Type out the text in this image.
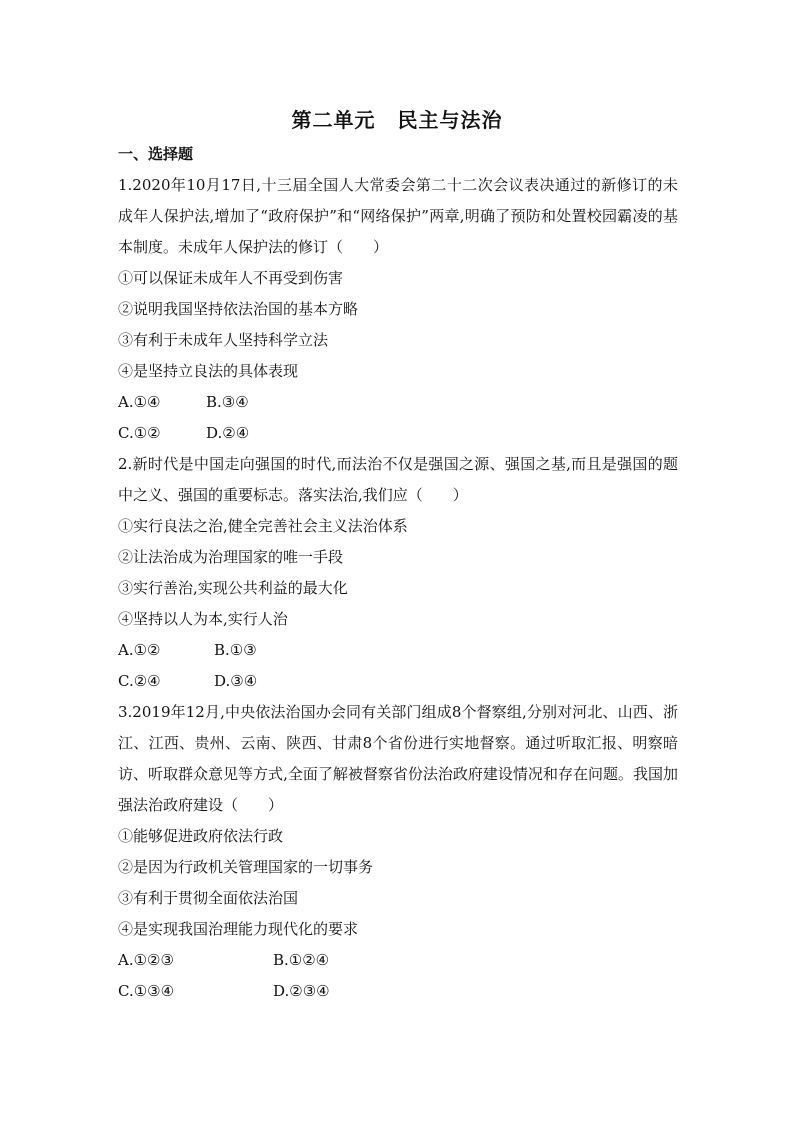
第二单元 民主与法治
一、选择题
1.2020年10月17日,十三届全国人大常委会第二十二次会议表决通过的新修订的未成年人保护法,增加了“政府保护”和“网络保护”两章,明确了预防和处置校园霸凌的基本制度。未成年人保护法的修订（　　）
①可以保证未成年人不再受到伤害
②说明我国坚持依法治国的基本方略
③有利于未成年人坚持科学立法
④是坚持立良法的具体表现
A.①④	B.③④
C.①②	D.②④
2.新时代是中国走向强国的时代,而法治不仅是强国之源、强国之基,而且是强国的题中之义、强国的重要标志。落实法治,我们应（　　）
①实行良法之治,健全完善社会主义法治体系
②让法治成为治理国家的唯一手段
③实行善治,实现公共利益的最大化
④坚持以人为本,实行人治
A.①②	B.①③
C.②④	D.③④
3.2019年12月,中央依法治国办会同有关部门组成8个督察组,分别对河北、山西、浙江、江西、贵州、云南、陕西、甘肃8个省份进行实地督察。通过听取汇报、明察暗访、听取群众意见等方式,全面了解被督察省份法治政府建设情况和存在问题。我国加强法治政府建设（　　）
①能够促进政府依法行政
②是因为行政机关管理国家的一切事务
③有利于贯彻全面依法治国
④是实现我国治理能力现代化的要求
A.①②③	B.①②④
C.①③④	D.②③④
